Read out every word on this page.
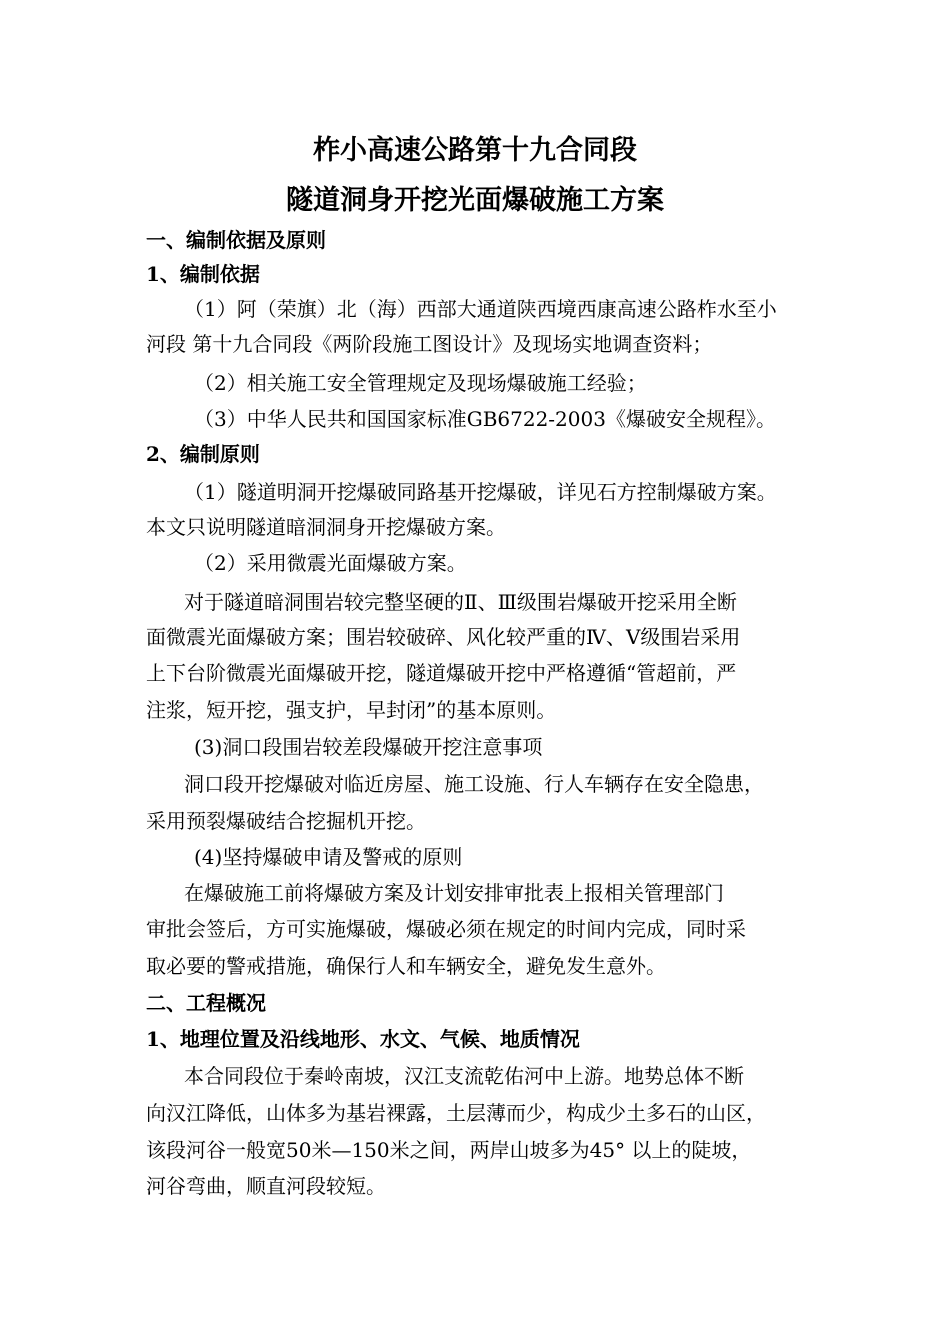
柞小高速公路第十九合同段
隧道洞身开挖光面爆破施工方案
一、编制依据及原则
1、编制依据
（1）阿（荣旗）北（海）西部大通道陕西境西康高速公路柞水至小
河段 第十九合同段《两阶段施工图设计》及现场实地调查资料；
（2）相关施工安全管理规定及现场爆破施工经验；
（3）中华人民共和国国家标准GB6722-2003《爆破安全规程》。
2、编制原则
（1）隧道明洞开挖爆破同路基开挖爆破，详见石方控制爆破方案。
本文只说明隧道暗洞洞身开挖爆破方案。
（2）采用微震光面爆破方案。
对于隧道暗洞围岩较完整坚硬的Ⅱ、Ⅲ级围岩爆破开挖采用全断
面微震光面爆破方案；围岩较破碎、风化较严重的Ⅳ、Ⅴ级围岩采用
上下台阶微震光面爆破开挖，隧道爆破开挖中严格遵循“管超前，严
注浆，短开挖，强支护，早封闭”的基本原则。
(3)洞口段围岩较差段爆破开挖注意事项
洞口段开挖爆破对临近房屋、施工设施、行人车辆存在安全隐患，
采用预裂爆破结合挖掘机开挖。
(4)坚持爆破申请及警戒的原则
在爆破施工前将爆破方案及计划安排审批表上报相关管理部门
审批会签后，方可实施爆破，爆破必须在规定的时间内完成，同时采
取必要的警戒措施，确保行人和车辆安全，避免发生意外。
二、工程概况
1、地理位置及沿线地形、水文、气候、地质情况
本合同段位于秦岭南坡，汉江支流乾佑河中上游。地势总体不断
向汉江降低，山体多为基岩裸露，土层薄而少，构成少土多石的山区，
该段河谷一般宽50米—150米之间，两岸山坡多为45° 以上的陡坡，
河谷弯曲，顺直河段较短。
